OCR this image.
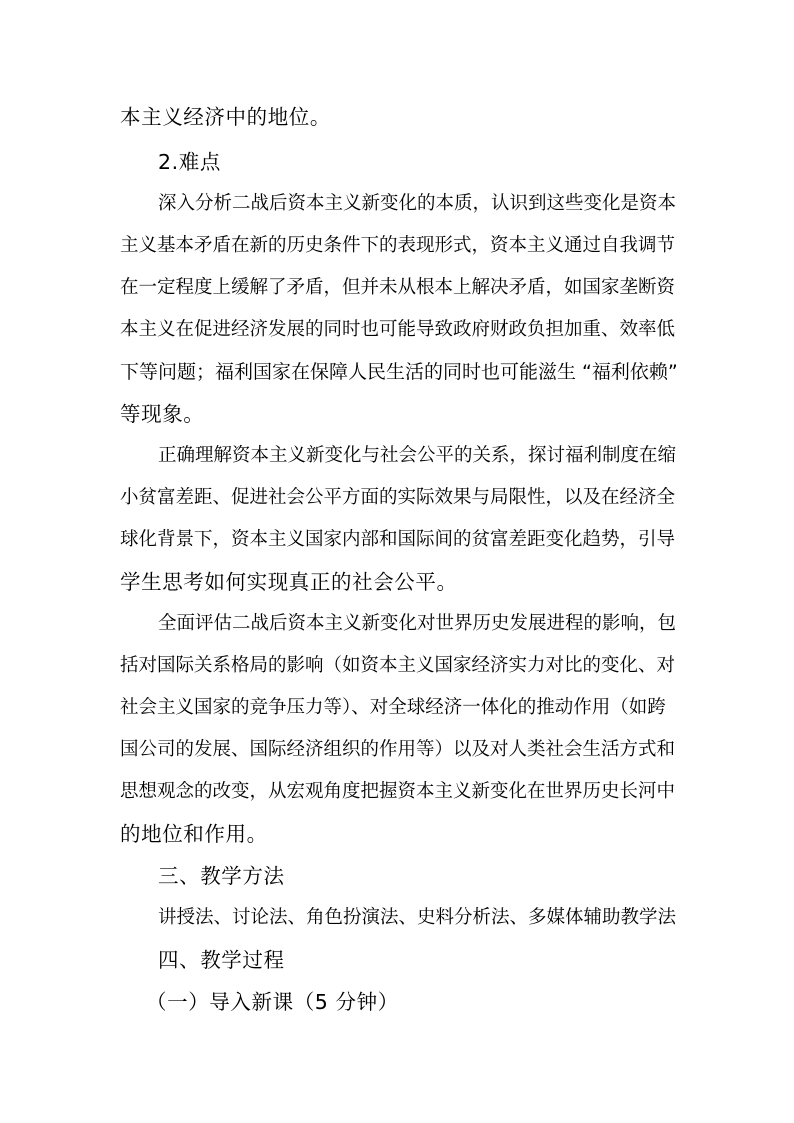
本主义经济中的地位。
2.难点
深入分析二战后资本主义新变化的本质，认识到这些变化是资本
主义基本矛盾在新的历史条件下的表现形式，资本主义通过自我调节
在一定程度上缓解了矛盾，但并未从根本上解决矛盾，如国家垄断资
本主义在促进经济发展的同时也可能导致政府财政负担加重、效率低
下等问题；福利国家在保障人民生活的同时也可能滋生 “福利依赖”
等现象。
正确理解资本主义新变化与社会公平的关系，探讨福利制度在缩
小贫富差距、促进社会公平方面的实际效果与局限性，以及在经济全
球化背景下，资本主义国家内部和国际间的贫富差距变化趋势，引导
学生思考如何实现真正的社会公平。
全面评估二战后资本主义新变化对世界历史发展进程的影响，包
括对国际关系格局的影响（如资本主义国家经济实力对比的变化、对
社会主义国家的竞争压力等）、对全球经济一体化的推动作用（如跨
国公司的发展、国际经济组织的作用等）以及对人类社会生活方式和
思想观念的改变，从宏观角度把握资本主义新变化在世界历史长河中
的地位和作用。
三、教学方法
讲授法、讨论法、角色扮演法、史料分析法、多媒体辅助教学法
四、教学过程
（一）导入新课（5 分钟）
